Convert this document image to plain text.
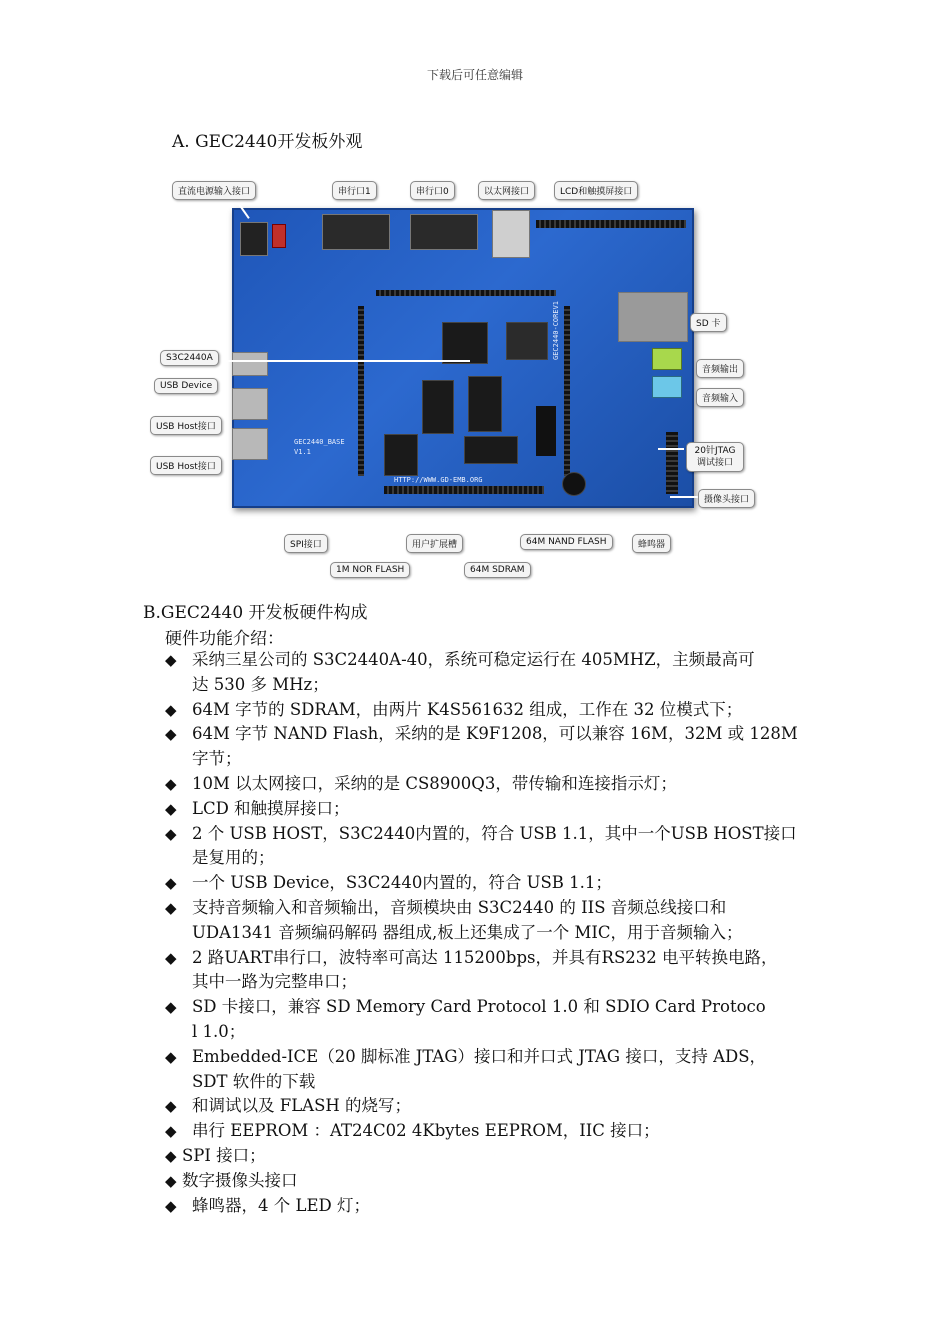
下载后可任意编辑
A. GEC2440开发板外观
GEC2440_BASE
V1.1
HTTP://WWW.GD-EMB.ORG
GEC2440-COREV1
直流电源输入接口	串行口1	串行口0	以太网接口	LCD和触摸屏接口
SD 卡
音频输出
音频输入
20针JTAG调试接口
摄像头接口
蜂鸣器
64M NAND FLASH
64M SDRAM
用户扩展槽
1M NOR FLASH
SPI接口
USB Host接口
USB Host接口
USB Device
S3C2440A
B.GEC2440 开发板硬件构成
硬件功能介绍：
◆ 采纳三星公司的 S3C2440A-40，系统可稳定运行在 405MHZ，主频最高可
达 530 多 MHz；
◆ 64M 字节的 SDRAM，由两片 K4S561632 组成，工作在 32 位模式下；
◆ 64M 字节 NAND Flash，采纳的是 K9F1208，可以兼容 16M，32M 或 128M
字节；
◆ 10M 以太网接口，采纳的是 CS8900Q3，带传输和连接指示灯；
◆ LCD 和触摸屏接口；
◆ 2 个 USB HOST，S3C2440内置的，符合 USB 1.1，其中一个USB HOST接口
是复用的；
◆ 一个 USB Device，S3C2440内置的，符合 USB 1.1；
◆ 支持音频输入和音频输出，音频模块由 S3C2440 的 IIS 音频总线接口和
UDA1341 音频编码解码 器组成,板上还集成了一个 MIC，用于音频输入；
◆ 2 路UART串行口，波特率可高达 115200bps，并具有RS232 电平转换电路，
其中一路为完整串口；
◆ SD 卡接口，兼容 SD Memory Card Protocol 1.0 和 SDIO Card Protoco
l 1.0；
◆ Embedded-ICE（20 脚标准 JTAG）接口和并口式 JTAG 接口，支持 ADS，
SDT 软件的下载
◆ 和调试以及 FLASH 的烧写；
◆ 串行 EEPROM ：AT24C02 4Kbytes EEPROM，IIC 接口；
◆ SPI 接口；
◆ 数字摄像头接口
◆ 蜂鸣器，4 个 LED 灯；
